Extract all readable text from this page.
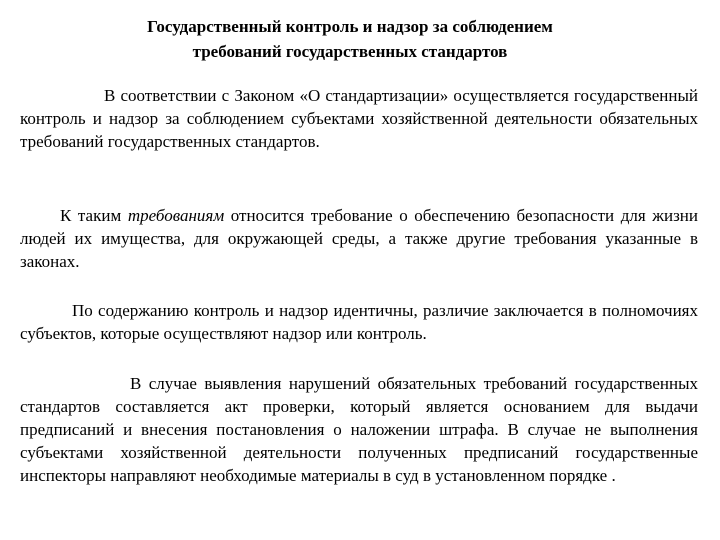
Государственный контроль и надзор за соблюдением
требований государственных стандартов

В соответствии с Законом «О стандартизации» осуществляется государственный контроль и надзор за соблюдением субъектами хозяйственной деятельности обязательных требований государственных стандартов.

К таким требованиям относится требование о обеспечению безопасности для жизни людей их имущества, для окружающей среды, а также другие требования указанные в законах.

По содержанию контроль и надзор идентичны, различие заключается в полномочиях субъектов, которые осуществляют надзор или контроль.

В случае выявления нарушений обязательных требований государственных стандартов составляется акт проверки, который является основанием для выдачи предписаний и внесения постановления о наложении штрафа. В случае не выполнения субъектами хозяйственной деятельности полученных предписаний государственные инспекторы направляют необходимые материалы в суд в установленном порядке .
